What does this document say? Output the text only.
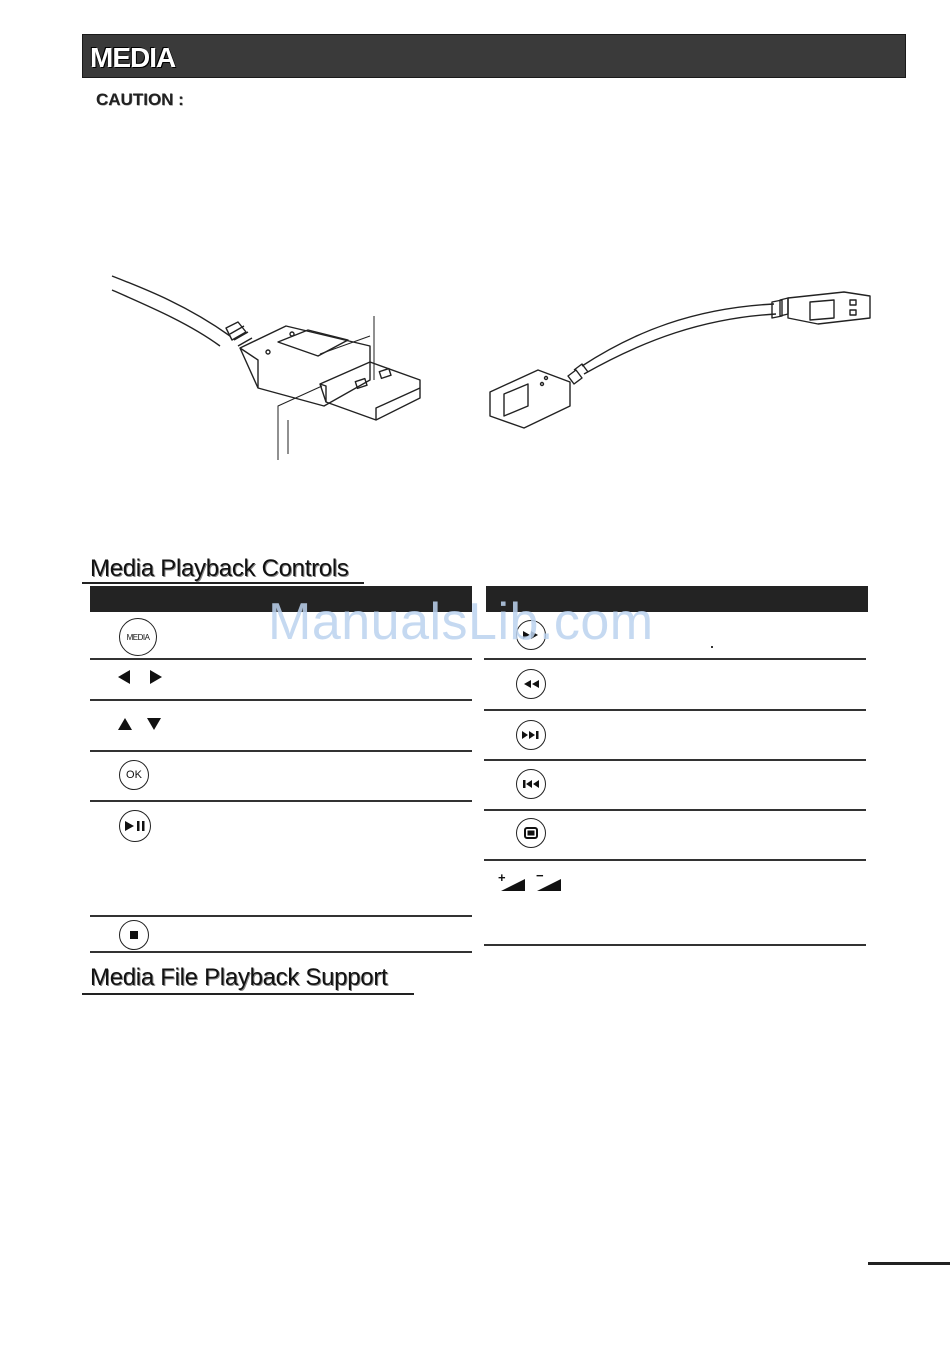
MEDIA
CAUTION :
Media Playback Controls
MEDIA
OK
+ −
ManualsLib.com
Media File Playback Support
